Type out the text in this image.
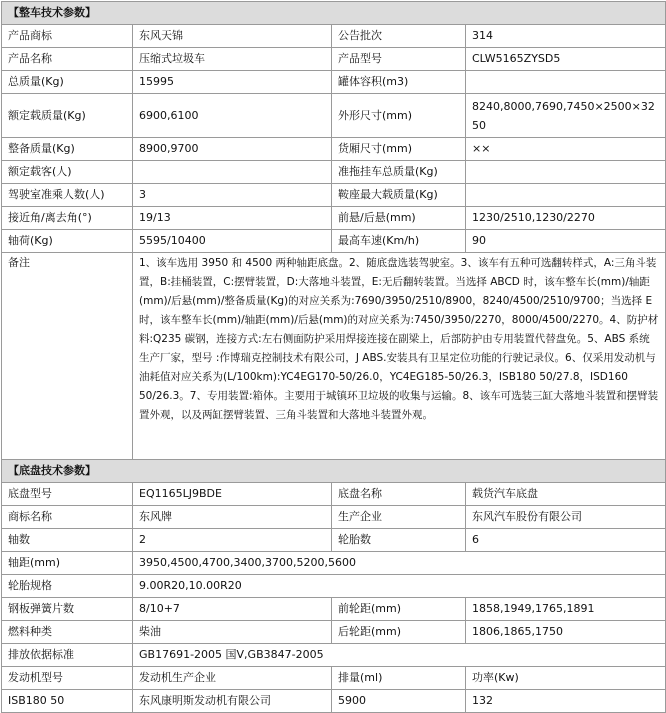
【整车技术参数】			
产品商标	东风天锦	公告批次	314
产品名称	压缩式垃圾车	产品型号	CLW5165ZYSD5
总质量(Kg)	15995	罐体容积(m3)	
额定载质量(Kg)	6900,6100	外形尺寸(mm)	8240,8000,7690,7450×2500×3250
整备质量(Kg)	8900,9700	货厢尺寸(mm)	××
额定载客(人)		准拖挂车总质量(Kg)	
驾驶室准乘人数(人)	3	鞍座最大载质量(Kg)	
接近角/离去角(°)	19/13	前悬/后悬(mm)	1230/2510,1230/2270
轴荷(Kg)	5595/10400	最高车速(Km/h)	90
备注	1、该车选用 3950 和 4500 两种轴距底盘。2、随底盘选装驾驶室。3、该车有五种可选翻转样式，A:三角斗装置，B:挂桶装置，C:摆臂装置，D:大落地斗装置，E:无后翻转装置。当选择 ABCD 时，该车整车长(mm)/轴距(mm)/后悬(mm)/整备质量(Kg)的对应关系为:7690/3950/2510/8900，8240/4500/2510/9700；当选择 E 时，该车整车长(mm)/轴距(mm)/后悬(mm)的对应关系为:7450/3950/2270，8000/4500/2270。4、防护材料:Q235 碳钢，连接方式:左右侧面防护采用焊接连接在副梁上，后部防护由专用装置代替盘免。5、ABS 系统生产厂家，型号 :作博瑞克控制技术有限公司，J ABS.安装具有卫星定位功能的行驶记录仪。6、仅采用发动机与油耗值对应关系为(L/100km):YC4EG170-50/26.0，YC4EG185-50/26.3，ISB180 50/27.8，ISD160 50/26.3。7、专用装置:箱体。主要用于城镇环卫垃圾的收集与运输。8、该车可选装三缸大落地斗装置和摆臂装置外观，以及两缸摆臂装置、三角斗装置和大落地斗装置外观。		
【底盘技术参数】			
底盘型号	EQ1165LJ9BDE	底盘名称	载货汽车底盘
商标名称	东风牌	生产企业	东风汽车股份有限公司
轴数	2	轮胎数	6
轴距(mm)	3950,4500,4700,3400,3700,5200,5600		
轮胎规格	9.00R20,10.00R20		
钢板弹簧片数	8/10+7	前轮距(mm)	1858,1949,1765,1891
燃料种类	柴油	后轮距(mm)	1806,1865,1750
排放依据标准	GB17691-2005 国Ⅴ,GB3847-2005		
发动机型号	发动机生产企业	排量(ml)	功率(Kw)
ISB180 50	东风康明斯发动机有限公司	5900	132
